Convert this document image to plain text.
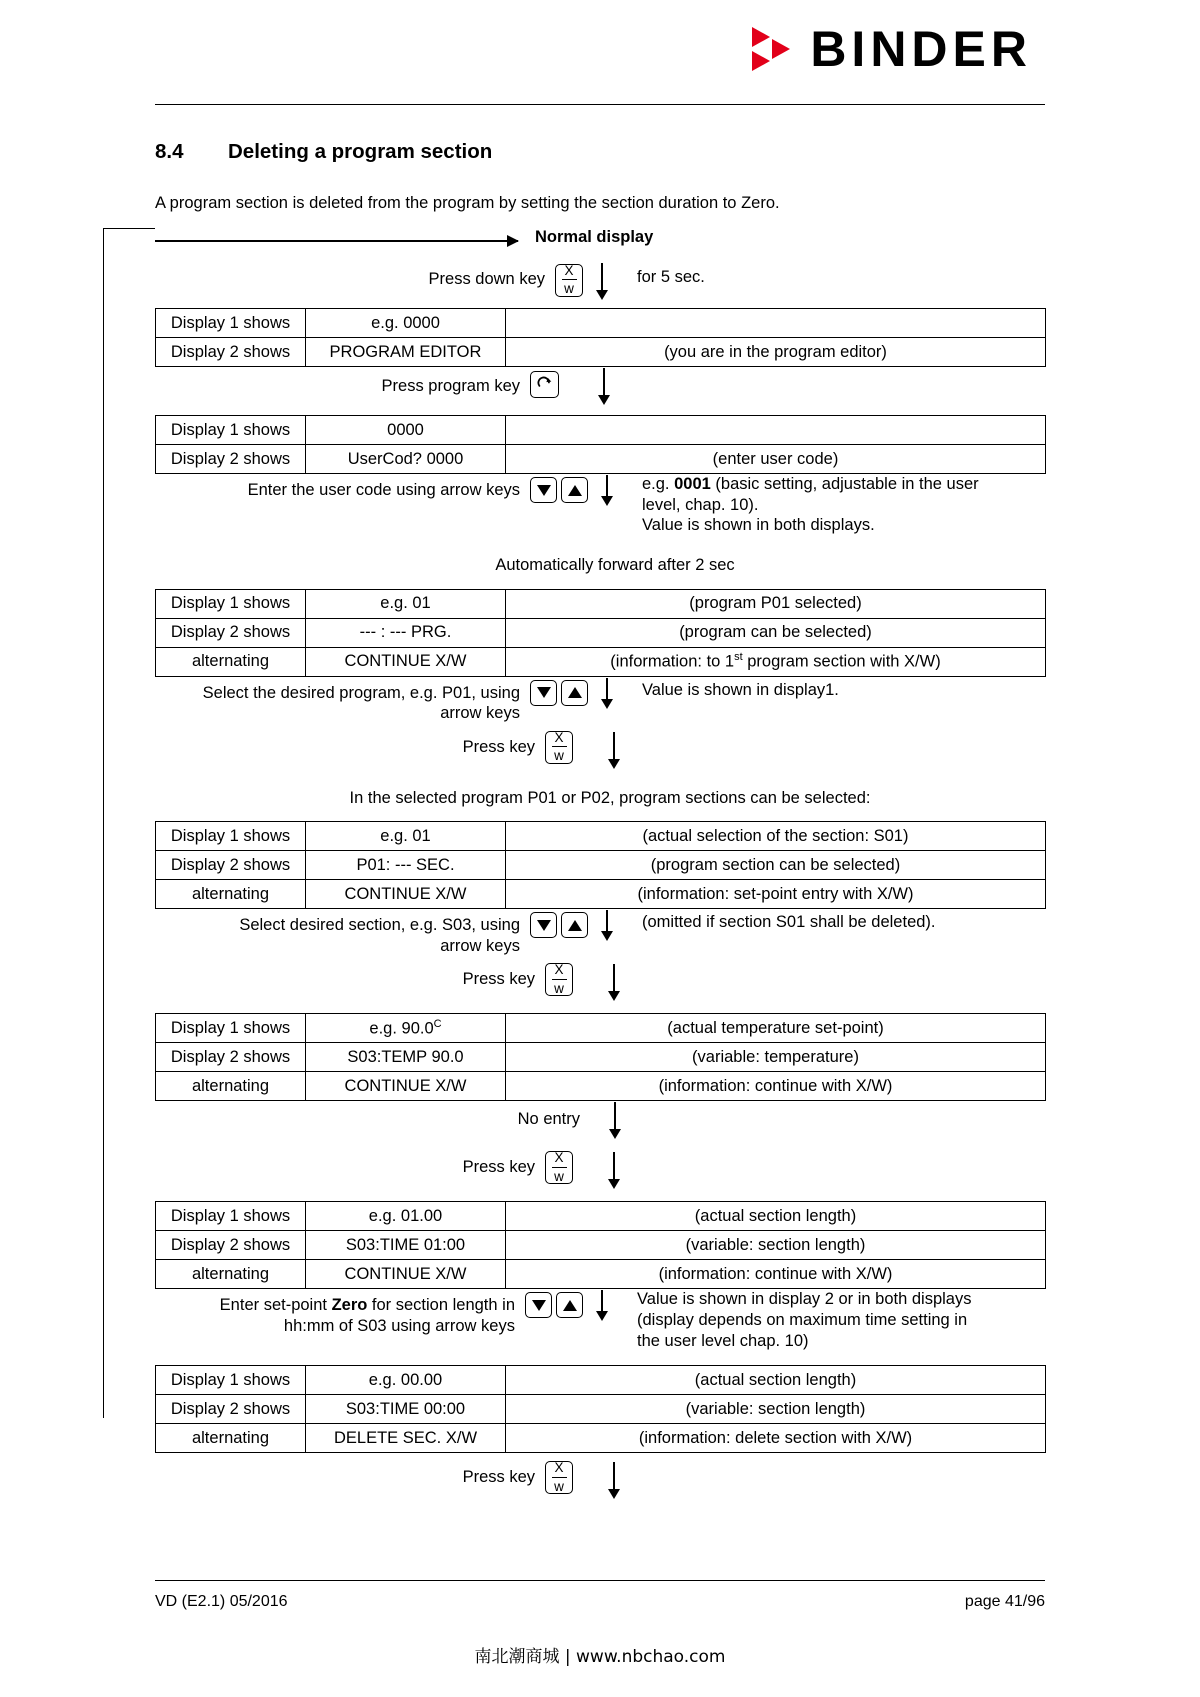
BINDER
8.4	Deleting a program section

A program section is deleted from the program by setting the section duration to Zero.

Normal display
Press down key	X
w
for 5 sec.
Display 1 shows	e.g. 0000	
Display 2 shows	PROGRAM EDITOR	(you are in the program editor)
Press program key
Display 1 shows	0000	
Display 2 shows	UserCod? 0000	(enter user code)
Enter the user code using arrow keys	e.g. 0001 (basic setting, adjustable in the user
level, chap. 10).
Value is shown in both displays.
Automatically forward after 2 sec
Display 1 shows	e.g. 01	(program P01 selected)
Display 2 shows	--- : --- PRG.	(program can be selected)
alternating	CONTINUE X/W	(information: to 1st program section with X/W)
Select the desired program, e.g. P01, using
arrow keys
Value is shown in display1.
Press key
X
w
In the selected program P01 or P02, program sections can be selected:
Display 1 shows	e.g. 01	(actual selection of the section: S01)
Display 2 shows	P01: --- SEC.	(program section can be selected)
alternating	CONTINUE X/W	(information: set-point entry with X/W)
Select desired section, e.g. S03, using
arrow keys
(omitted if section S01 shall be deleted).
Press key
X
w
Display 1 shows	e.g. $90.0^C$	(actual temperature set-point)
Display 2 shows	S03:TEMP 90.0	(variable: temperature)
alternating	CONTINUE X/W	(information: continue with X/W)
No entry
Press key
X
w
Display 1 shows	e.g. 01.00	(actual section length)
Display 2 shows	S03:TIME 01:00	(variable: section length)
alternating	CONTINUE X/W	(information: continue with X/W)
Enter set-point Zero for section length in
hh:mm of S03 using arrow keys
Value is shown in display 2 or in both displays
(display depends on maximum time setting in
the user level chap. 10)
Display 1 shows	e.g. 00.00	(actual section length)
Display 2 shows	S03:TIME 00:00	(variable: section length)
alternating	DELETE SEC. X/W	(information: delete section with X/W)
Press key
X
w
VD (E2.1) 05/2016	page 41/96
南北潮商城 | www.nbchao.com
